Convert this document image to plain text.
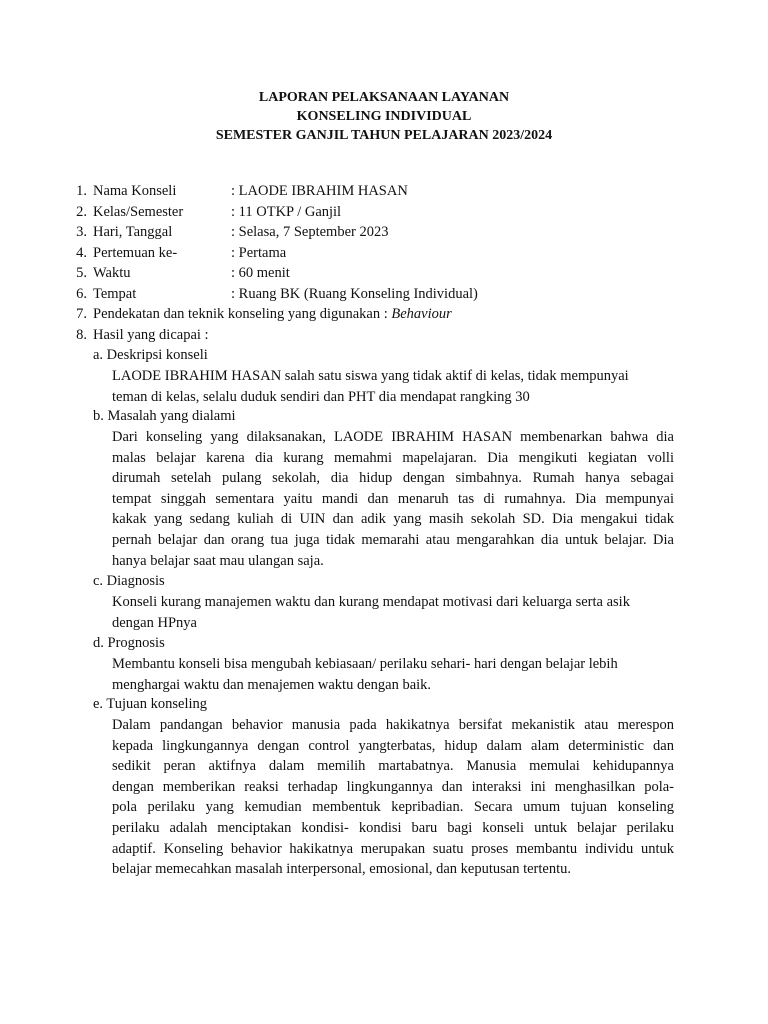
LAPORAN PELAKSANAAN LAYANAN
KONSELING INDIVIDUAL
SEMESTER GANJIL TAHUN PELAJARAN 2023/2024
1. Nama Konseli	: LAODE IBRAHIM HASAN
2. Kelas/Semester	: 11 OTKP / Ganjil
3. Hari, Tanggal	: Selasa, 7 September 2023
4. Pertemuan ke-	: Pertama
5. Waktu	: 60 menit
6. Tempat	: Ruang BK (Ruang Konseling Individual)
7. Pendekatan dan teknik konseling yang digunakan : Behaviour
8. Hasil yang dicapai :
a. Deskripsi konseli
LAODE IBRAHIM HASAN salah satu siswa yang tidak aktif di kelas, tidak mempunyai
teman di kelas, selalu duduk sendiri dan PHT dia mendapat rangking 30
b. Masalah yang dialami
Dari konseling yang dilaksanakan, LAODE IBRAHIM HASAN membenarkan bahwa dia
malas belajar karena dia kurang memahmi mapelajaran. Dia mengikuti kegiatan volli
dirumah setelah pulang sekolah, dia hidup dengan simbahnya. Rumah hanya sebagai
tempat singgah sementara yaitu mandi dan menaruh tas di rumahnya. Dia mempunyai
kakak yang sedang kuliah di UIN dan adik yang masih sekolah SD. Dia mengakui tidak
pernah belajar dan orang tua juga tidak memarahi atau mengarahkan dia untuk belajar. Dia
hanya belajar saat mau ulangan saja.
c. Diagnosis
Konseli kurang manajemen waktu dan kurang mendapat motivasi dari keluarga serta asik
dengan HPnya
d. Prognosis
Membantu konseli bisa mengubah kebiasaan/ perilaku sehari- hari dengan belajar lebih
menghargai waktu dan menajemen waktu dengan baik.
e. Tujuan konseling
Dalam pandangan behavior manusia pada hakikatnya bersifat mekanistik atau merespon
kepada lingkungannya dengan control yangterbatas, hidup dalam alam deterministic dan
sedikit peran aktifnya dalam memilih martabatnya. Manusia memulai kehidupannya
dengan memberikan reaksi terhadap lingkungannya dan interaksi ini menghasilkan pola-
pola perilaku yang kemudian membentuk kepribadian. Secara umum tujuan konseling
perilaku adalah menciptakan kondisi- kondisi baru bagi konseli untuk belajar perilaku
adaptif. Konseling behavior hakikatnya merupakan suatu proses membantu individu untuk
belajar memecahkan masalah interpersonal, emosional, dan keputusan tertentu.
